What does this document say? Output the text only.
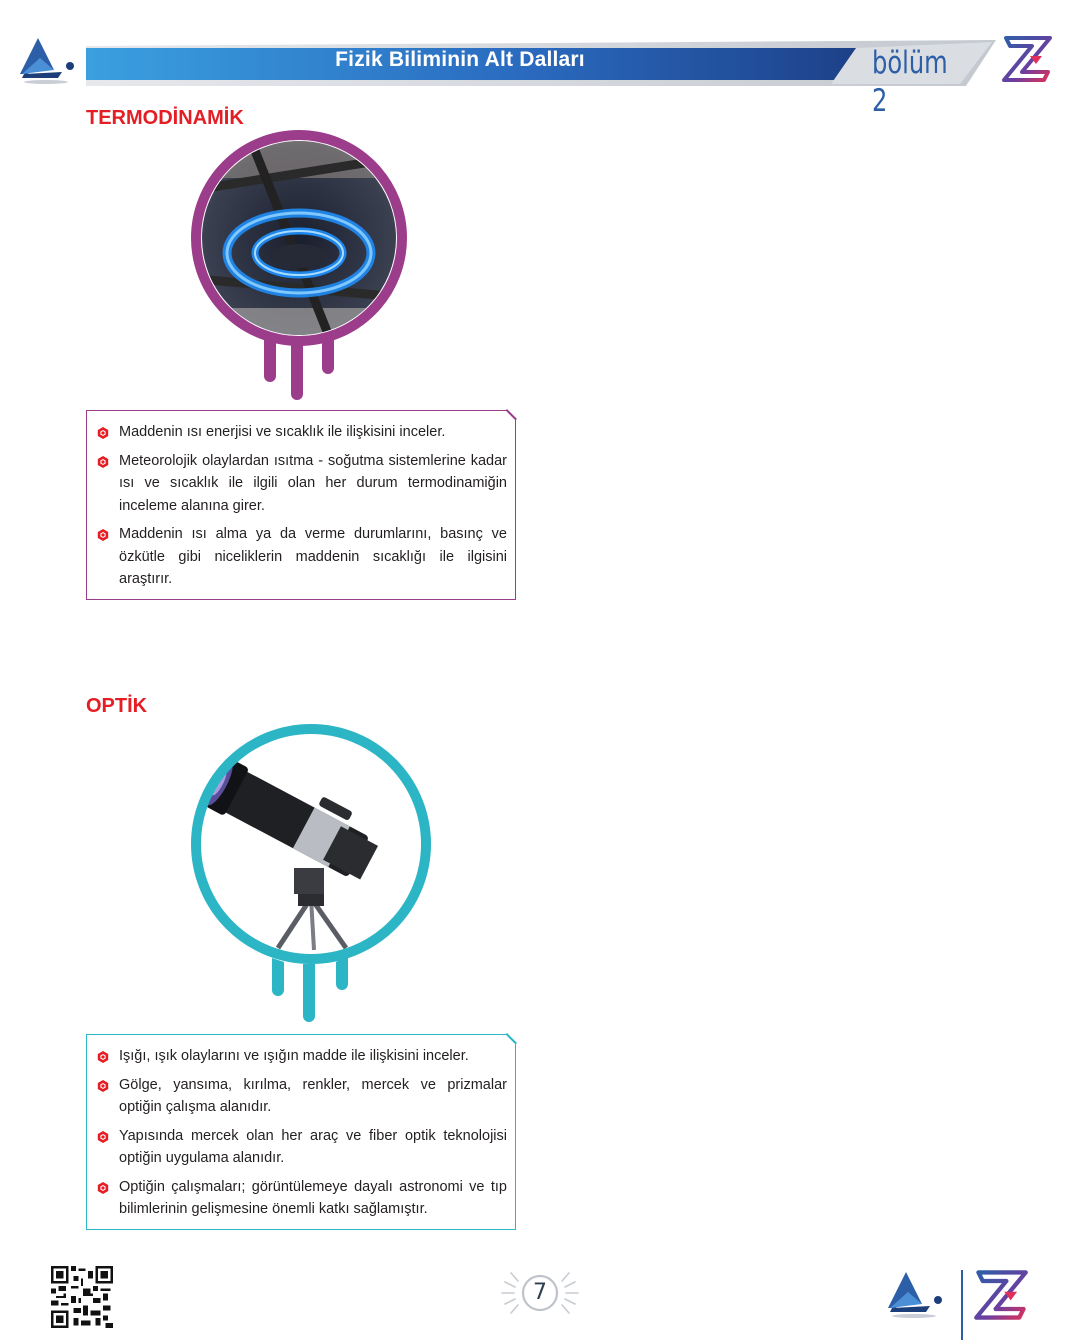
Fizik Biliminin Alt Dalları	bölüm 2
TERMODİNAMİK
Maddenin ısı enerjisi ve sıcaklık ile ilişkisini inceler.
Meteorolojik olaylardan ısıtma - soğutma sistemlerine kadar ısı ve sıcaklık ile ilgili olan her durum termodinamiğin inceleme alanına girer.
Maddenin ısı alma ya da verme durumlarını, basınç ve özkütle gibi niceliklerin maddenin sıcaklığı ile ilgisini araştırır.
OPTİK
Işığı, ışık olaylarını ve ışığın madde ile ilişkisini inceler.
Gölge, yansıma, kırılma, renkler, mercek ve prizmalar optiğin çalışma alanıdır.
Yapısında mercek olan her araç ve fiber optik teknolojisi optiğin uygulama alanıdır.
Optiğin çalışmaları; görüntülemeye dayalı astronomi ve tıp bilimlerinin gelişmesine önemli katkı sağlamıştır.
7
